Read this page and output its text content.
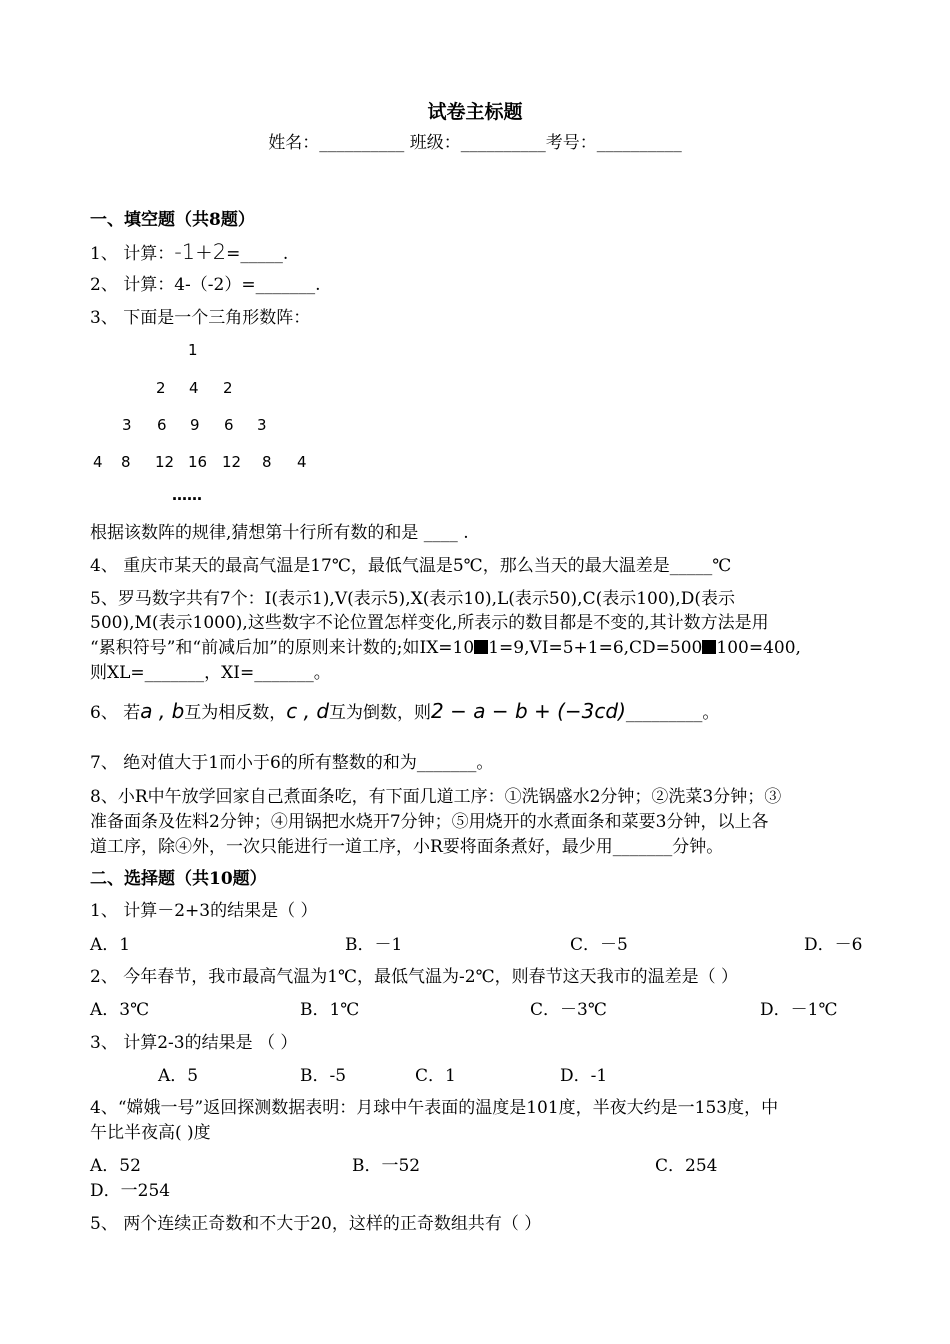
试卷主标题
姓名：__________ 班级：__________考号：__________
一、填空题（共8题）
1、 计算：-1+2=_____.
2、 计算：4-（-2）=_______.
3、 下面是一个三角形数阵：
1
2 4 2
3 6 9 6 3
4 8 12 16 12 8 4
……
根据该数阵的规律,猜想第十行所有数的和是 ____ .
4、 重庆市某天的最高气温是17℃，最低气温是5℃，那么当天的最大温差是_____℃
5、罗马数字共有7个：I(表示1),V(表示5),X(表示10),L(表示50),C(表示100),D(表示
500),M(表示1000),这些数字不论位置怎样变化,所表示的数目都是不变的,其计数方法是用
“累积符号”和“前减后加”的原则来计数的;如IX=10 1=9,VI=5+1=6,CD=500 100=400,
则XL=_______，XI=_______。
6、 若a , b互为相反数，c , d互为倒数，则2 − a − b + (−3cd)_________。
7、 绝对值大于1而小于6的所有整数的和为_______。
8、小R中午放学回家自己煮面条吃，有下面几道工序：①洗锅盛水2分钟；②洗菜3分钟；③
准备面条及佐料2分钟；④用锅把水烧开7分钟；⑤用烧开的水煮面条和菜要3分钟，以上各
道工序，除④外，一次只能进行一道工序，小R要将面条煮好，最少用_______分钟。
二、选择题（共10题）
1、 计算－2+3的结果是（ ）
A．1	B．－1	C．－5	D．－6
2、 今年春节，我市最高气温为1℃，最低气温为-2℃，则春节这天我市的温差是（ ）
A．3℃	B．1℃	C．－3℃	D．－1℃
3、 计算2-3的结果是 （ ）
A．5	B．-5	C．1	D．-1
4、“嫦娥一号”返回探测数据表明：月球中午表面的温度是101度，半夜大约是一153度，中
午比半夜高( )度
A．52	B．一52	C．254
D．一254
5、 两个连续正奇数和不大于20，这样的正奇数组共有（ ）
